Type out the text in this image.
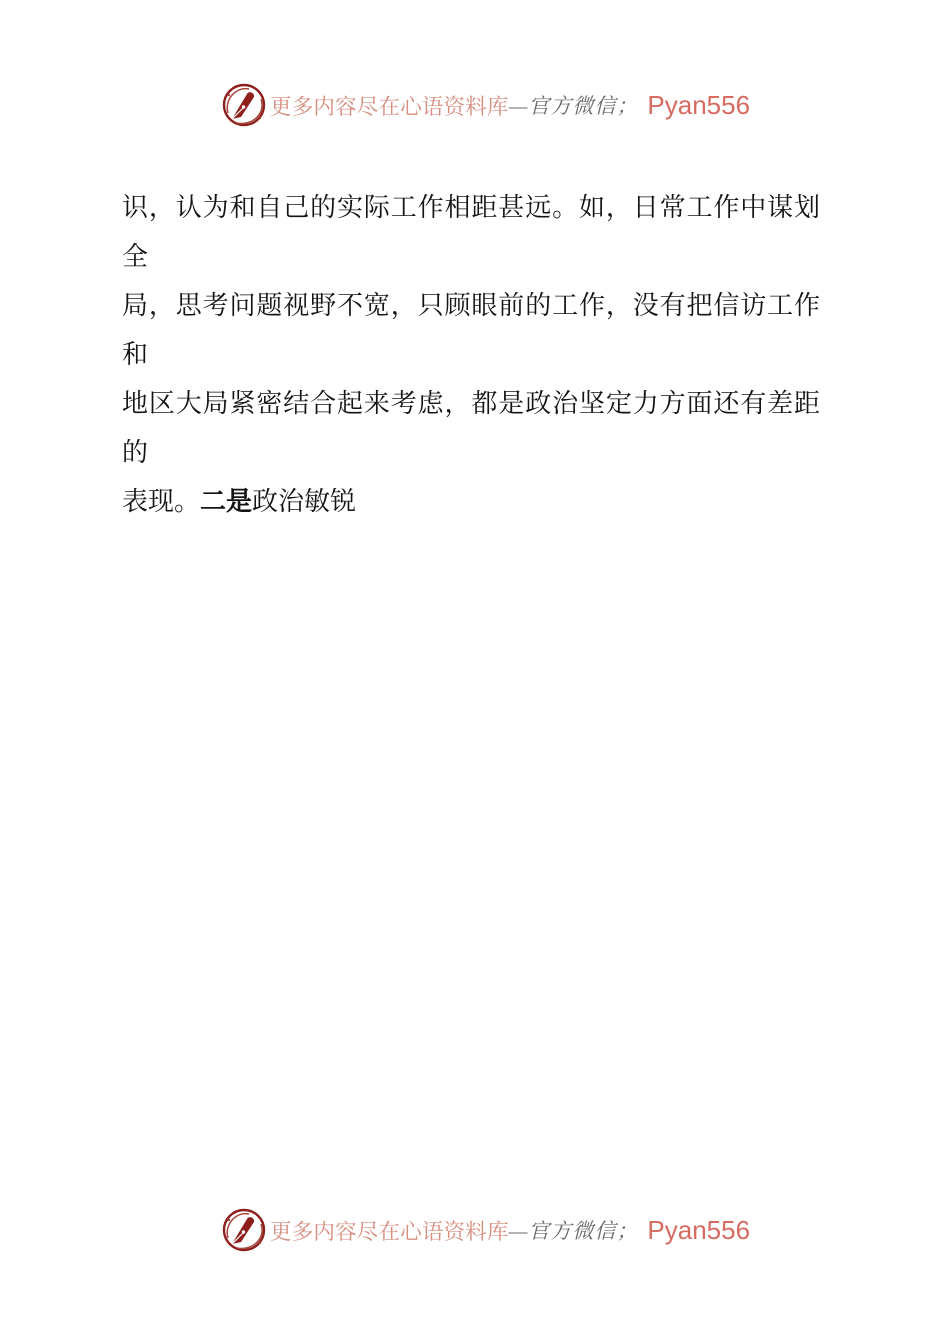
更多内容尽在心语资料库 —官方微信； Pyan556
识，认为和自己的实际工作相距甚远。如，日常工作中谋划全
局，思考问题视野不宽，只顾眼前的工作，没有把信访工作和
地区大局紧密结合起来考虑，都是政治坚定力方面还有差距的
表现。二是政治敏锐
更多内容尽在心语资料库 —官方微信； Pyan556
